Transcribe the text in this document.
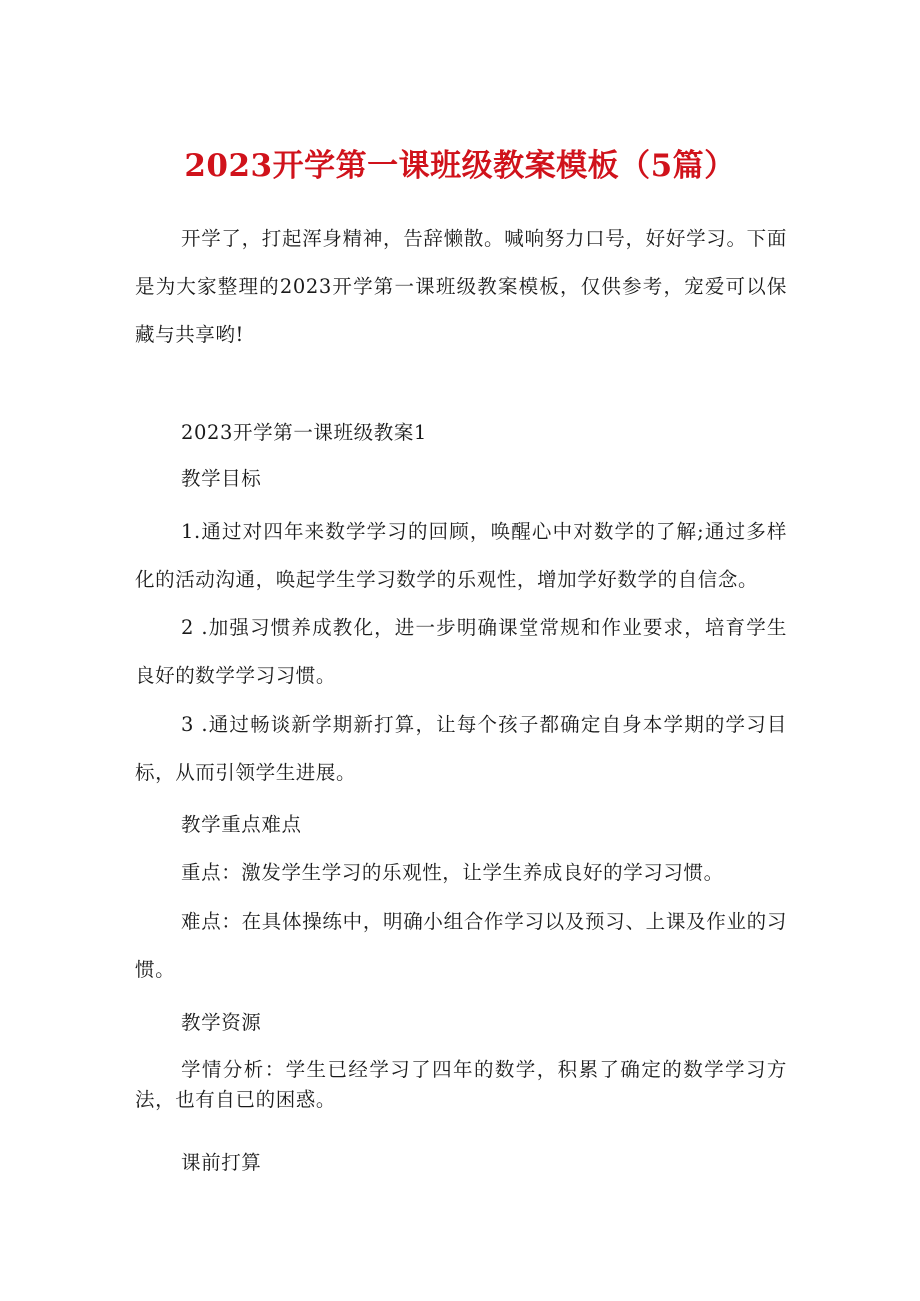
2023开学第一课班级教案模板（5篇）

开学了，打起浑身精神，告辞懒散。喊响努力口号，好好学习。下面是为大家整理的2023开学第一课班级教案模板，仅供参考，宠爱可以保藏与共享哟!

2023开学第一课班级教案1

教学目标

1.通过对四年来数学学习的回顾，唤醒心中对数学的了解;通过多样化的活动沟通，唤起学生学习数学的乐观性，增加学好数学的自信念。

2 .加强习惯养成教化，进一步明确课堂常规和作业要求，培育学生良好的数学学习习惯。

3 .通过畅谈新学期新打算，让每个孩子都确定自身本学期的学习目标，从而引领学生进展。

教学重点难点

重点：激发学生学习的乐观性，让学生养成良好的学习习惯。

难点：在具体操练中，明确小组合作学习以及预习、上课及作业的习惯。

教学资源

学情分析：学生已经学习了四年的数学，积累了确定的数学学习方法，也有自已的困惑。

课前打算
